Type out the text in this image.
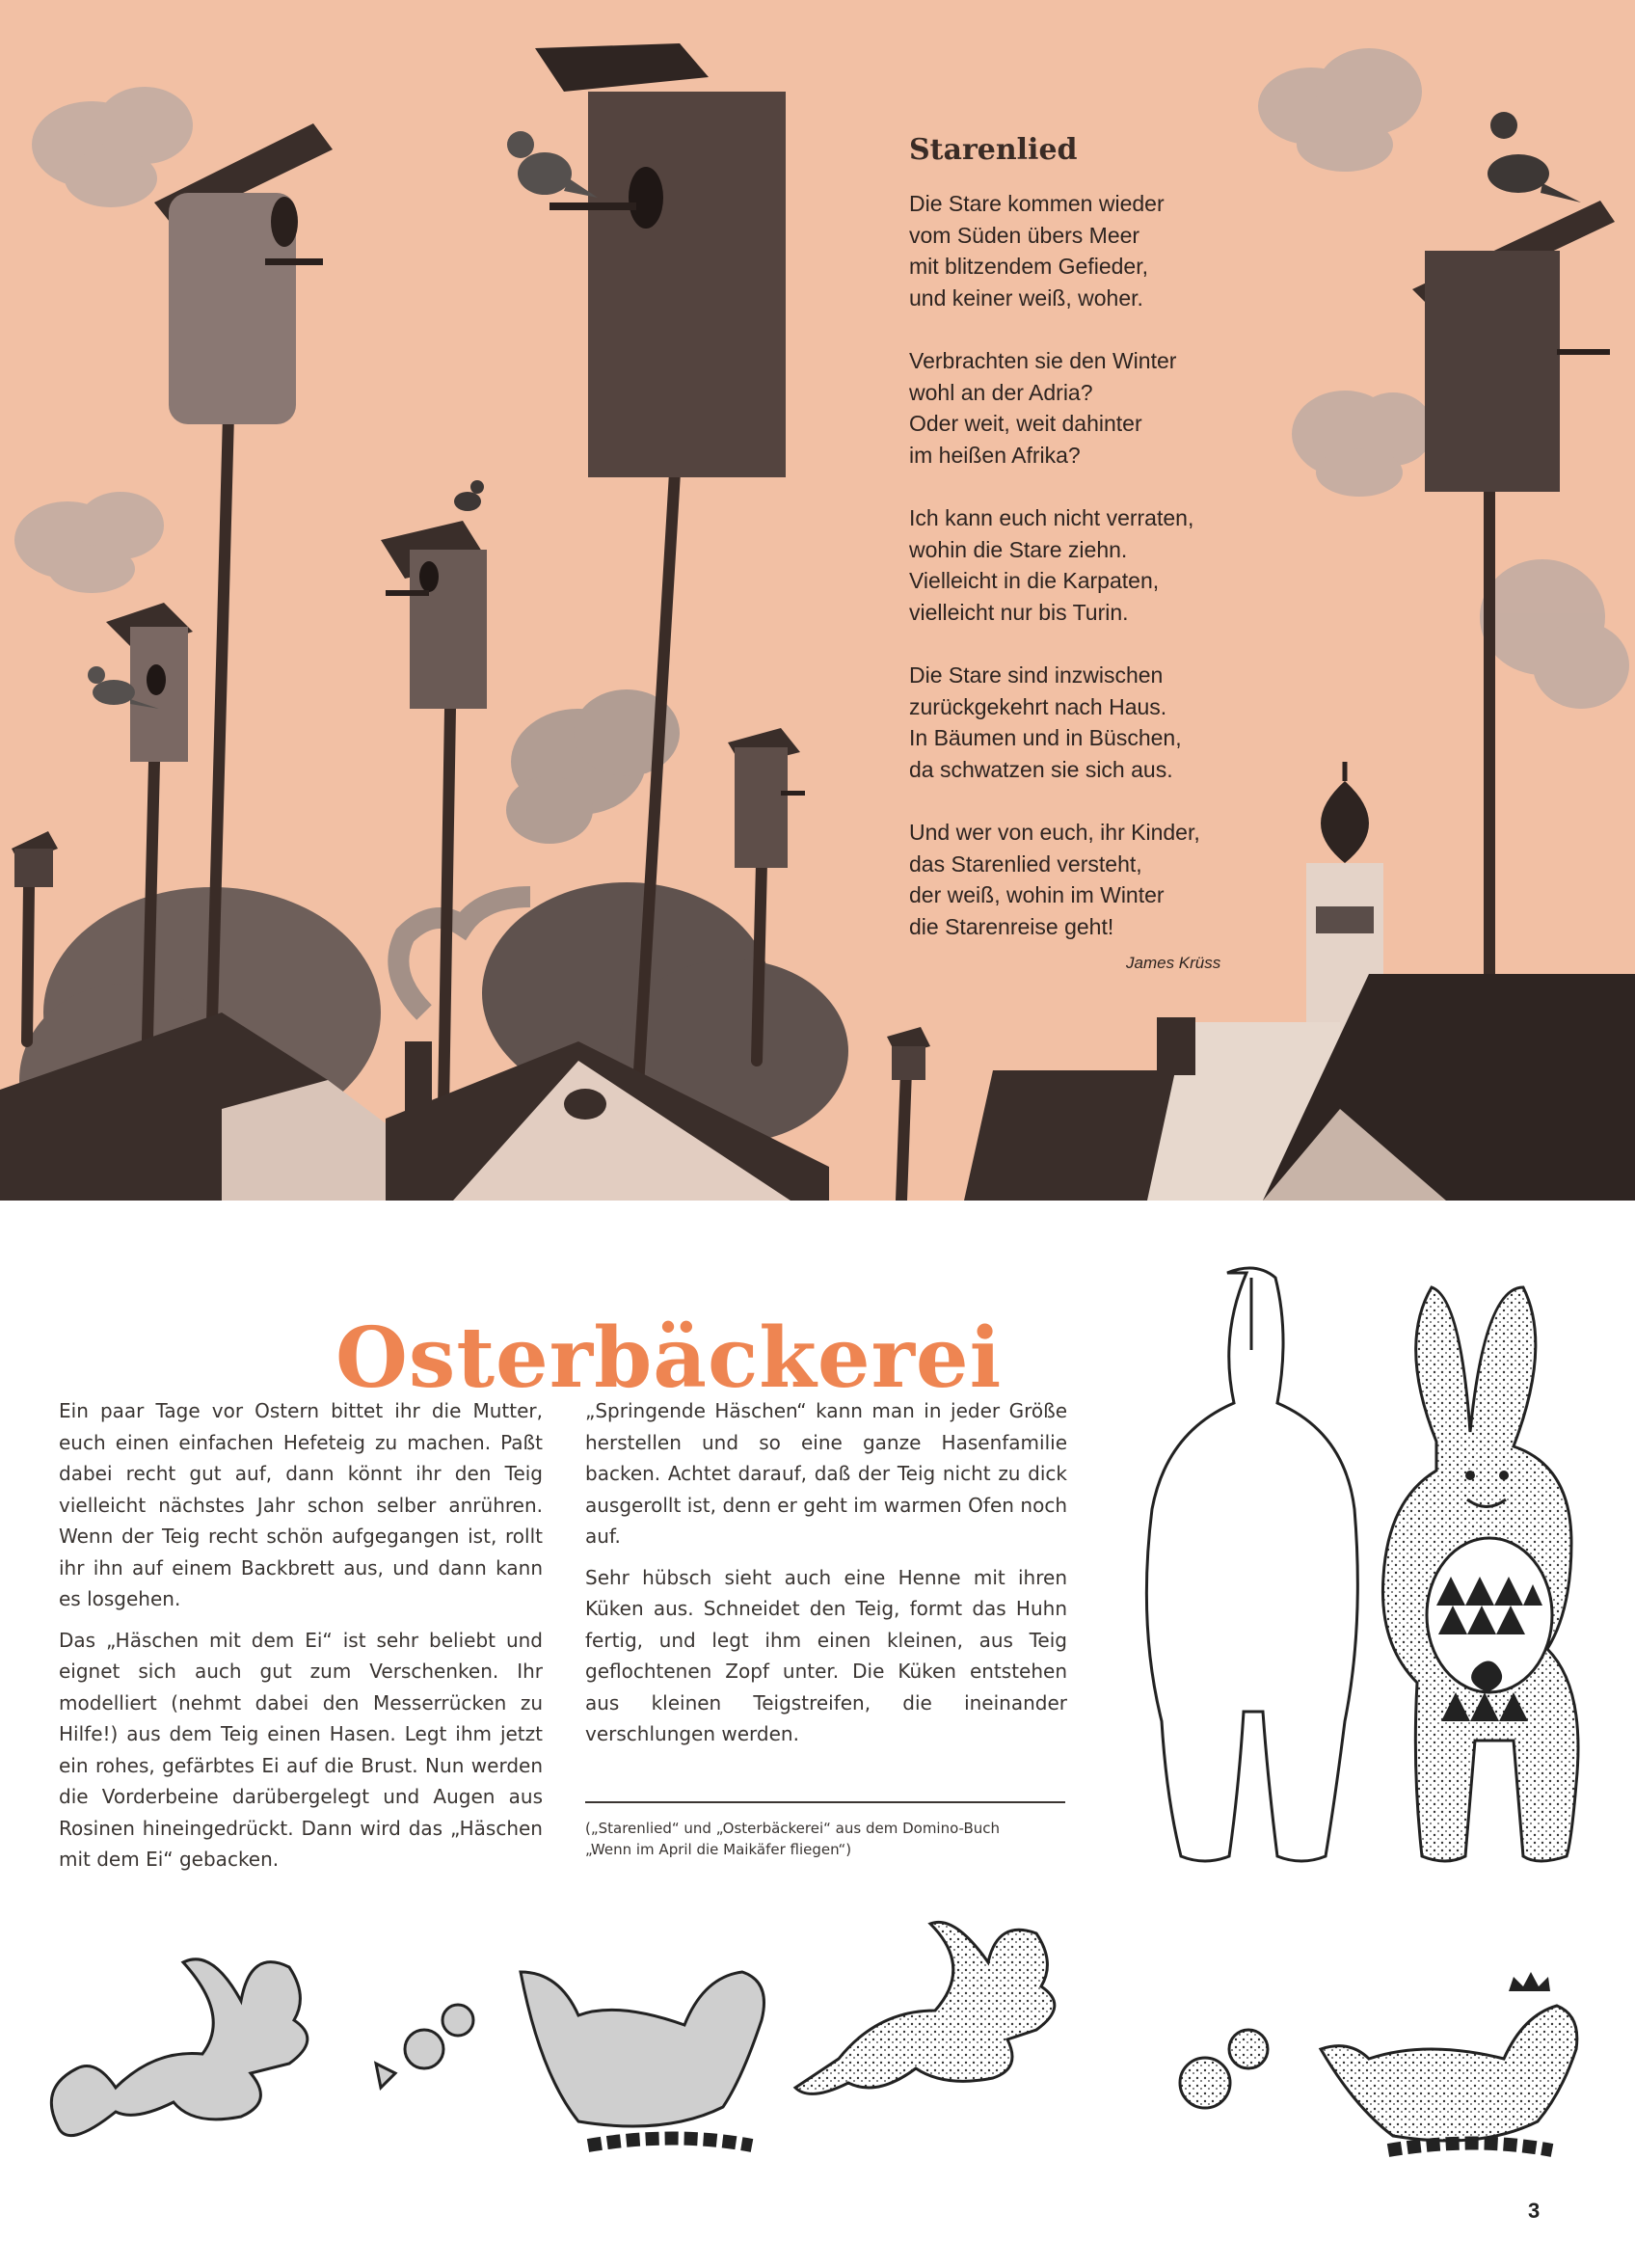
Starenlied
Die Stare kommen wieder
vom Süden übers Meer
mit blitzendem Gefieder,
und keiner weiß, woher.
Verbrachten sie den Winter
wohl an der Adria?
Oder weit, weit dahinter
im heißen Afrika?
Ich kann euch nicht verraten,
wohin die Stare ziehn.
Vielleicht in die Karpaten,
vielleicht nur bis Turin.
Die Stare sind inzwischen
zurückgekehrt nach Haus.
In Bäumen und in Büschen,
da schwatzen sie sich aus.
Und wer von euch, ihr Kinder,
das Starenlied versteht,
der weiß, wohin im Winter
die Starenreise geht!
James Krüss
Osterbäckerei

Ein paar Tage vor Ostern bittet ihr die Mutter, euch einen einfachen Hefeteig zu machen. Paßt dabei recht gut auf, dann könnt ihr den Teig vielleicht nächstes Jahr schon selber anrühren. Wenn der Teig recht schön aufgegangen ist, rollt ihr ihn auf einem Backbrett aus, und dann kann es losgehen.

Das „Häschen mit dem Ei“ ist sehr beliebt und eignet sich auch gut zum Verschenken. Ihr modelliert (nehmt dabei den Messerrücken zu Hilfe!) aus dem Teig einen Hasen. Legt ihm jetzt ein rohes, gefärbtes Ei auf die Brust. Nun werden die Vorderbeine darübergelegt und Augen aus Rosinen hineingedrückt. Dann wird das „Häschen mit dem Ei“ gebacken.

„Springende Häschen“ kann man in jeder Größe herstellen und so eine ganze Hasenfamilie backen. Achtet darauf, daß der Teig nicht zu dick ausgerollt ist, denn er geht im warmen Ofen noch auf.

Sehr hübsch sieht auch eine Henne mit ihren Küken aus. Schneidet den Teig, formt das Huhn fertig, und legt ihm einen kleinen, aus Teig geflochtenen Zopf unter. Die Küken entstehen aus kleinen Teigstreifen, die ineinander verschlungen werden.

(„Starenlied“ und „Osterbäckerei“ aus dem Domino-Buch
„Wenn im April die Maikäfer fliegen“)
3
